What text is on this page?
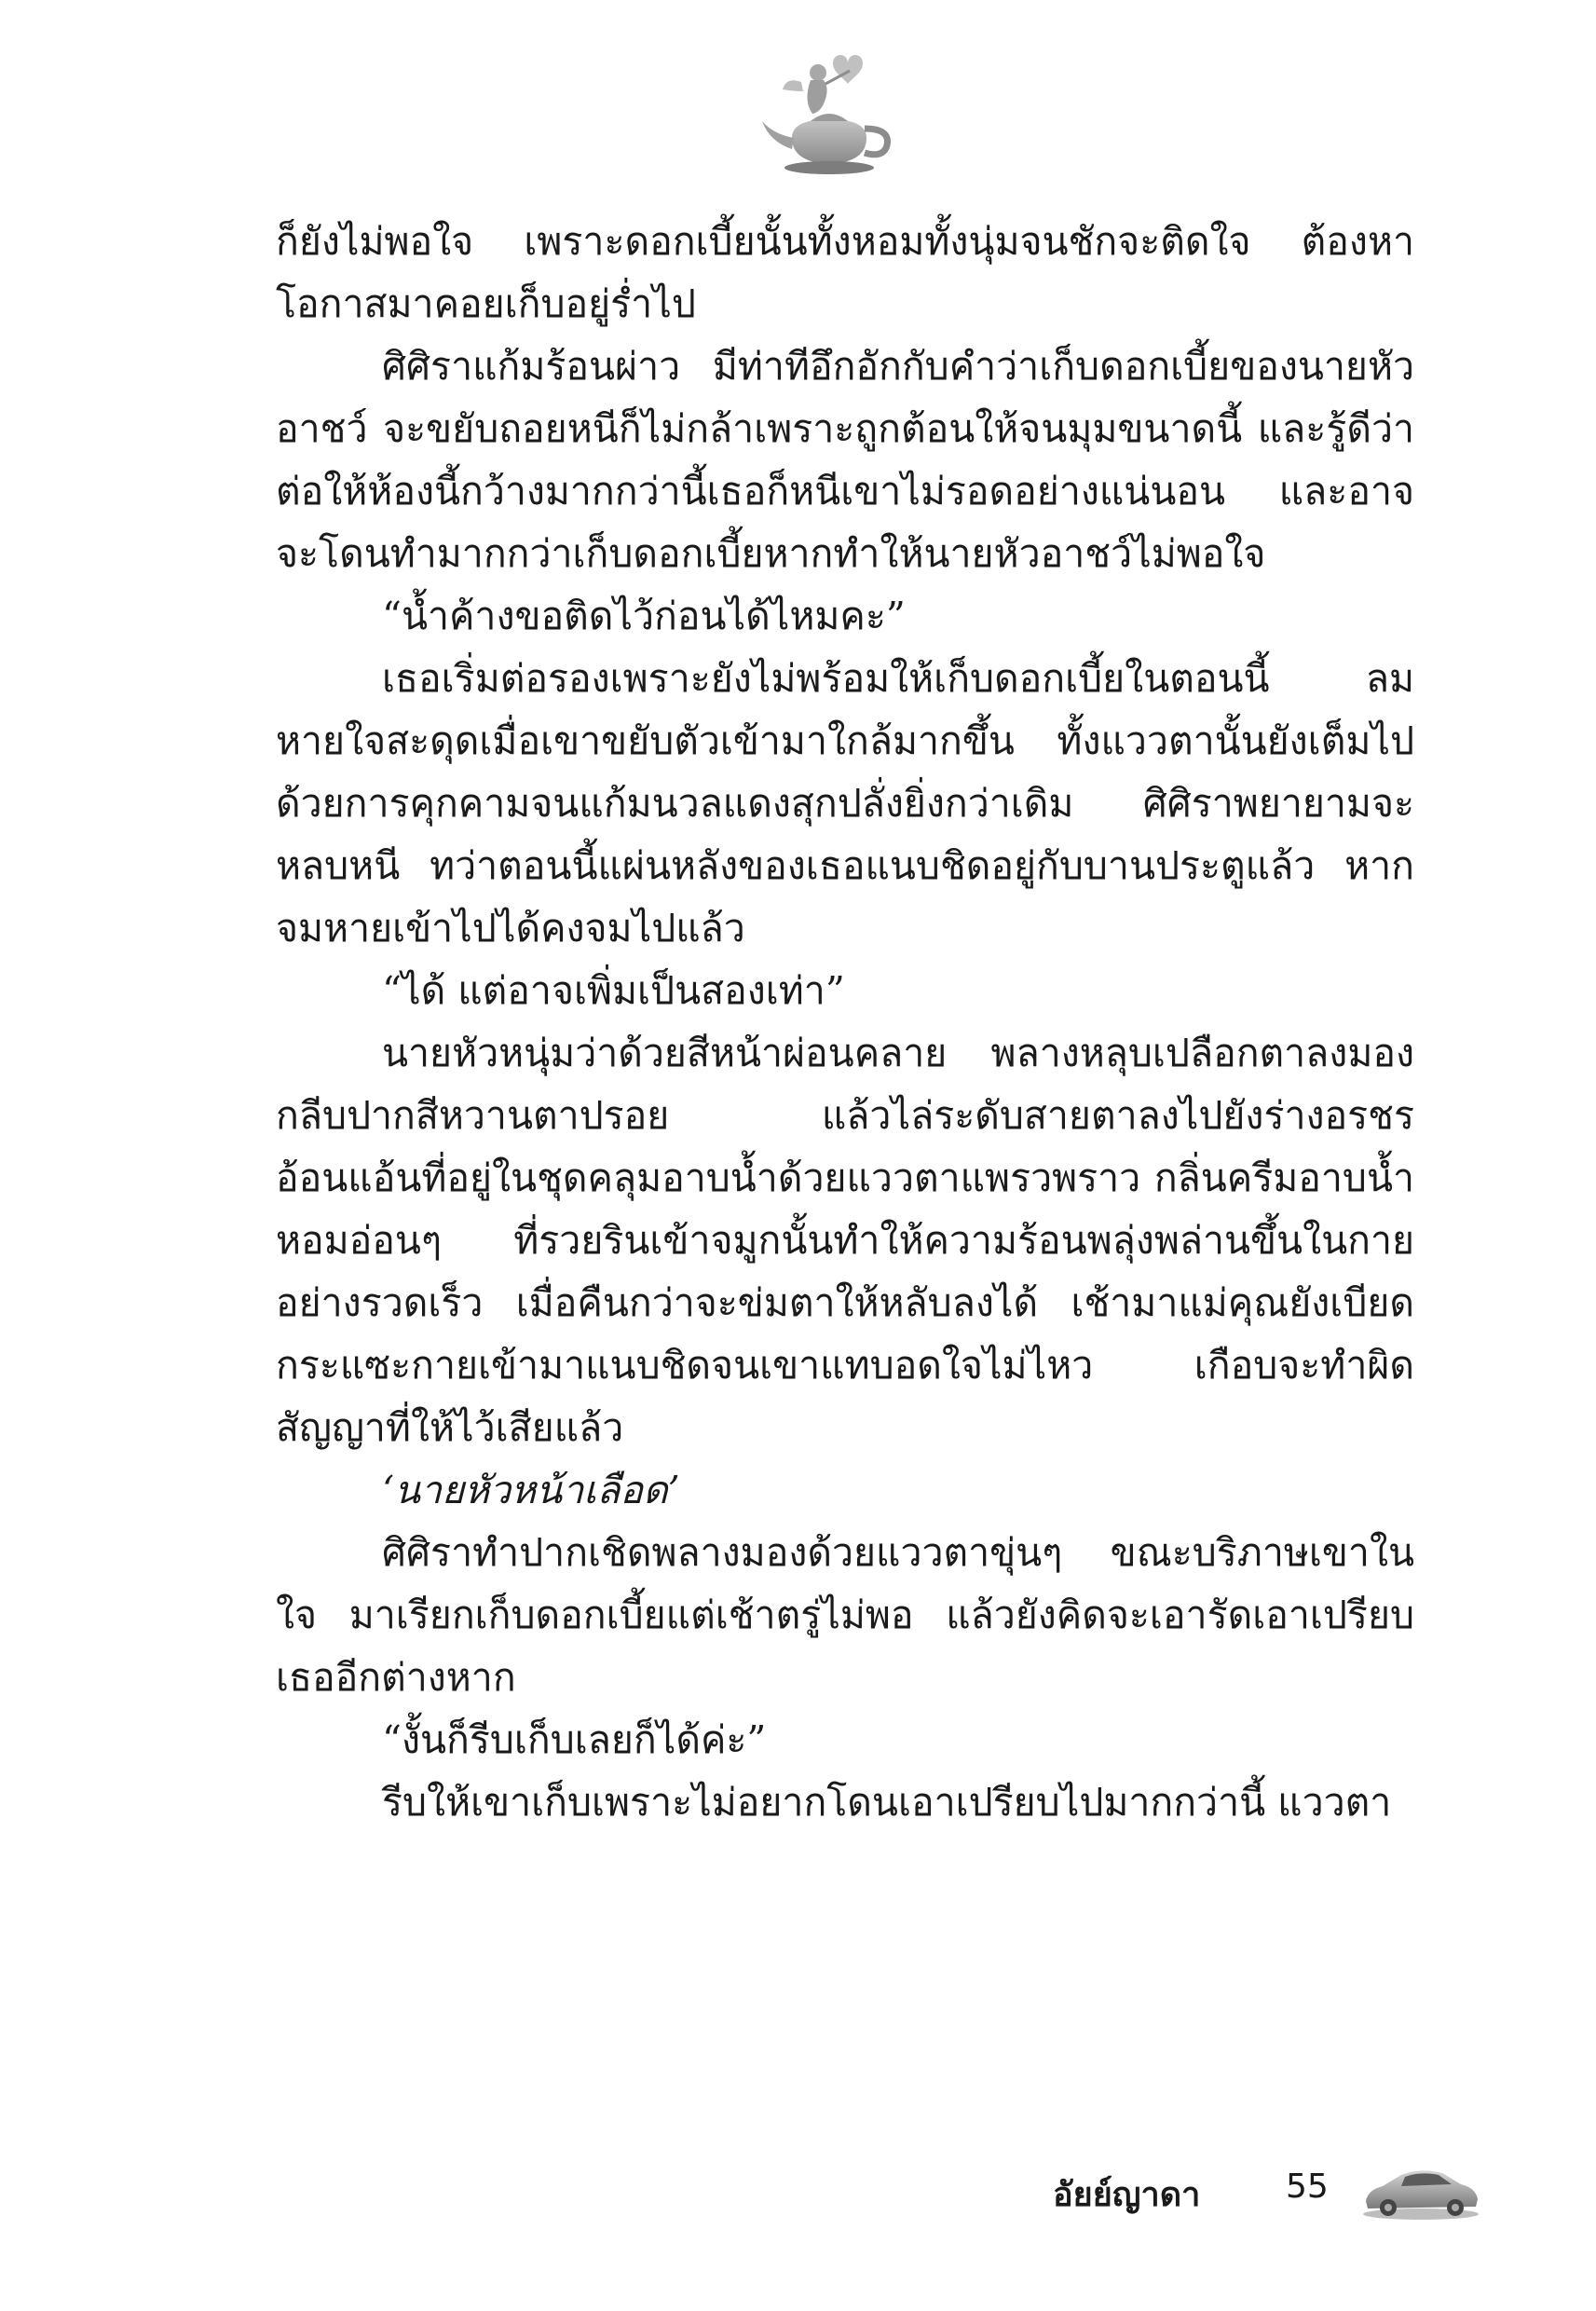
ก็ยังไม่พอใจ เพราะดอกเบี้ยนั้นทั้งหอมทั้งนุ่มจนชักจะติดใจ ต้องหาโอกาสมาคอยเก็บอยู่ร่ำไป

ศิศิราแก้มร้อนผ่าว มีท่าทีอึกอักกับคำว่าเก็บดอกเบี้ยของนายหัวอาชว์ จะขยับถอยหนีก็ไม่กล้าเพราะถูกต้อนให้จนมุมขนาดนี้ และรู้ดีว่าต่อให้ห้องนี้กว้างมากกว่านี้เธอก็หนีเขาไม่รอดอย่างแน่นอน และอาจจะโดนทำมากกว่าเก็บดอกเบี้ยหากทำให้นายหัวอาชว์ไม่พอใจ

“น้ำค้างขอติดไว้ก่อนได้ไหมคะ”

เธอเริ่มต่อรองเพราะยังไม่พร้อมให้เก็บดอกเบี้ยในตอนนี้ ลมหายใจสะดุดเมื่อเขาขยับตัวเข้ามาใกล้มากขึ้น ทั้งแววตานั้นยังเต็มไปด้วยการคุกคามจนแก้มนวลแดงสุกปลั่งยิ่งกว่าเดิม ศิศิราพยายามจะหลบหนี ทว่าตอนนี้แผ่นหลังของเธอแนบชิดอยู่กับบานประตูแล้ว หากจมหายเข้าไปได้คงจมไปแล้ว

“ได้ แต่อาจเพิ่มเป็นสองเท่า”

นายหัวหนุ่มว่าด้วยสีหน้าผ่อนคลาย พลางหลุบเปลือกตาลงมองกลีบปากสีหวานตาปรอย แล้วไล่ระดับสายตาลงไปยังร่างอรชรอ้อนแอ้นที่อยู่ในชุดคลุมอาบน้ำด้วยแววตาแพรวพราว กลิ่นครีมอาบน้ำหอมอ่อนๆ ที่รวยรินเข้าจมูกนั้นทำให้ความร้อนพลุ่งพล่านขึ้นในกายอย่างรวดเร็ว เมื่อคืนกว่าจะข่มตาให้หลับลงได้ เช้ามาแม่คุณยังเบียดกระแซะกายเข้ามาแนบชิดจนเขาแทบอดใจไม่ไหว เกือบจะทำผิดสัญญาที่ให้ไว้เสียแล้ว

‘นายหัวหน้าเลือด’

ศิศิราทำปากเชิดพลางมองด้วยแววตาขุ่นๆ ขณะบริภาษเขาในใจ มาเรียกเก็บดอกเบี้ยแต่เช้าตรู่ไม่พอ แล้วยังคิดจะเอารัดเอาเปรียบเธออีกต่างหาก

“งั้นก็รีบเก็บเลยก็ได้ค่ะ”

รีบให้เขาเก็บเพราะไม่อยากโดนเอาเปรียบไปมากกว่านี้ แววตา

อัยย์ญาดา	55
